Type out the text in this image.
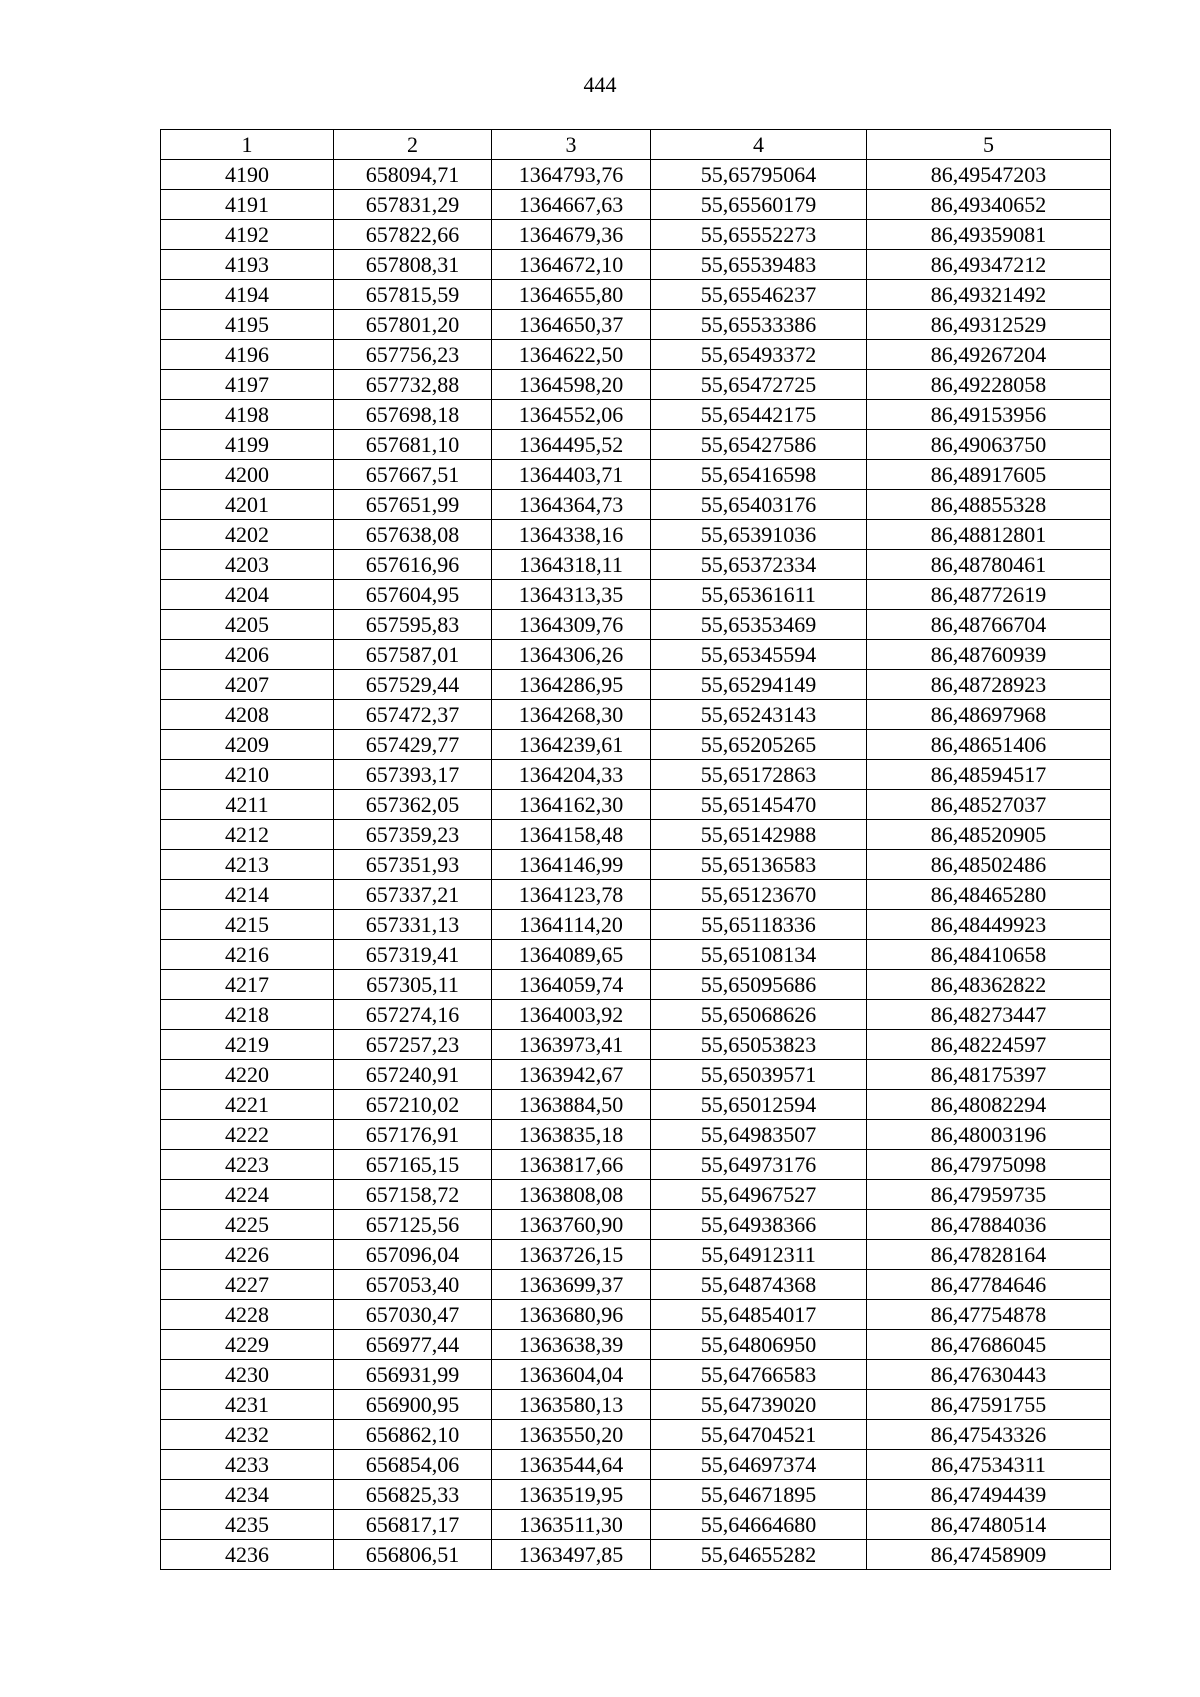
444
1	2	3	4	5
4190	658094,71	1364793,76	55,65795064	86,49547203
4191	657831,29	1364667,63	55,65560179	86,49340652
4192	657822,66	1364679,36	55,65552273	86,49359081
4193	657808,31	1364672,10	55,65539483	86,49347212
4194	657815,59	1364655,80	55,65546237	86,49321492
4195	657801,20	1364650,37	55,65533386	86,49312529
4196	657756,23	1364622,50	55,65493372	86,49267204
4197	657732,88	1364598,20	55,65472725	86,49228058
4198	657698,18	1364552,06	55,65442175	86,49153956
4199	657681,10	1364495,52	55,65427586	86,49063750
4200	657667,51	1364403,71	55,65416598	86,48917605
4201	657651,99	1364364,73	55,65403176	86,48855328
4202	657638,08	1364338,16	55,65391036	86,48812801
4203	657616,96	1364318,11	55,65372334	86,48780461
4204	657604,95	1364313,35	55,65361611	86,48772619
4205	657595,83	1364309,76	55,65353469	86,48766704
4206	657587,01	1364306,26	55,65345594	86,48760939
4207	657529,44	1364286,95	55,65294149	86,48728923
4208	657472,37	1364268,30	55,65243143	86,48697968
4209	657429,77	1364239,61	55,65205265	86,48651406
4210	657393,17	1364204,33	55,65172863	86,48594517
4211	657362,05	1364162,30	55,65145470	86,48527037
4212	657359,23	1364158,48	55,65142988	86,48520905
4213	657351,93	1364146,99	55,65136583	86,48502486
4214	657337,21	1364123,78	55,65123670	86,48465280
4215	657331,13	1364114,20	55,65118336	86,48449923
4216	657319,41	1364089,65	55,65108134	86,48410658
4217	657305,11	1364059,74	55,65095686	86,48362822
4218	657274,16	1364003,92	55,65068626	86,48273447
4219	657257,23	1363973,41	55,65053823	86,48224597
4220	657240,91	1363942,67	55,65039571	86,48175397
4221	657210,02	1363884,50	55,65012594	86,48082294
4222	657176,91	1363835,18	55,64983507	86,48003196
4223	657165,15	1363817,66	55,64973176	86,47975098
4224	657158,72	1363808,08	55,64967527	86,47959735
4225	657125,56	1363760,90	55,64938366	86,47884036
4226	657096,04	1363726,15	55,64912311	86,47828164
4227	657053,40	1363699,37	55,64874368	86,47784646
4228	657030,47	1363680,96	55,64854017	86,47754878
4229	656977,44	1363638,39	55,64806950	86,47686045
4230	656931,99	1363604,04	55,64766583	86,47630443
4231	656900,95	1363580,13	55,64739020	86,47591755
4232	656862,10	1363550,20	55,64704521	86,47543326
4233	656854,06	1363544,64	55,64697374	86,47534311
4234	656825,33	1363519,95	55,64671895	86,47494439
4235	656817,17	1363511,30	55,64664680	86,47480514
4236	656806,51	1363497,85	55,64655282	86,47458909
